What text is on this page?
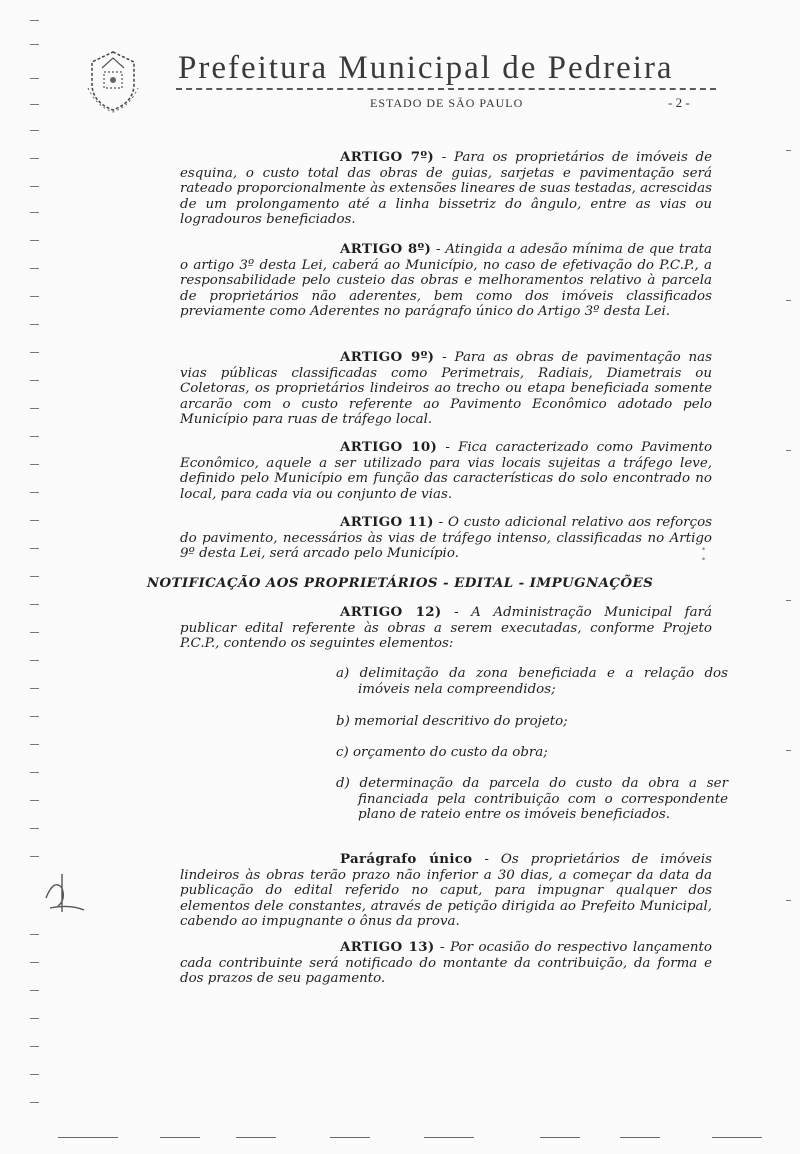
Prefeitura Municipal de Pedreira
ESTADO DE SÃO PAULO	- 2 -
ARTIGO 7º) - Para os proprietários de imóveis de esquina, o custo total das obras de guias, sarjetas e pavimentação será rateado proporcionalmente às extensões lineares de suas testadas, acrescidas de um prolongamento até a linha bissetriz do ângulo, entre as vias ou logradouros beneficiados.
ARTIGO 8º) - Atingida a adesão mínima de que trata o artigo 3º desta Lei, caberá ao Município, no caso de efetivação do P.C.P., a responsabilidade pelo custeio das obras e melhoramentos relativo à parcela de proprietários não aderentes, bem como dos imóveis classificados previamente como Aderentes no parágrafo único do Artigo 3º desta Lei.
ARTIGO 9º) - Para as obras de pavimentação nas vias públicas classificadas como Perimetrais, Radiais, Diametrais ou Coletoras, os proprietários lindeiros ao trecho ou etapa beneficiada somente arcarão com o custo referente ao Pavimento Econômico adotado pelo Município para ruas de tráfego local.
ARTIGO 10) - Fica caracterizado como Pavimento Econômico, aquele a ser utilizado para vias locais sujeitas a tráfego leve, definido pelo Município em função das características do solo encontrado no local, para cada via ou conjunto de vias.
ARTIGO 11) - O custo adicional relativo aos reforços do pavimento, necessários às vias de tráfego intenso, classificadas no Artigo 9º desta Lei, será arcado pelo Município.
NOTIFICAÇÃO AOS PROPRIETÁRIOS - EDITAL - IMPUGNAÇÕES
ARTIGO 12) - A Administração Municipal fará publicar edital referente às obras a serem executadas, conforme Projeto P.C.P., contendo os seguintes elementos:
a) delimitação da zona beneficiada e a relação dos imóveis nela compreendidos;
b) memorial descritivo do projeto;
c) orçamento do custo da obra;
d) determinação da parcela do custo da obra a ser financiada pela contribuição com o correspondente plano de rateio entre os imóveis beneficiados.
Parágrafo único - Os proprietários de imóveis lindeiros às obras terão prazo não inferior a 30 dias, a começar da data da publicação do edital referido no caput, para impugnar qualquer dos elementos dele constantes, através de petição dirigida ao Prefeito Municipal, cabendo ao impugnante o ônus da prova.
ARTIGO 13) - Por ocasião do respectivo lançamento cada contribuinte será notificado do montante da contribuição, da forma e dos prazos de seu pagamento.
•
•
